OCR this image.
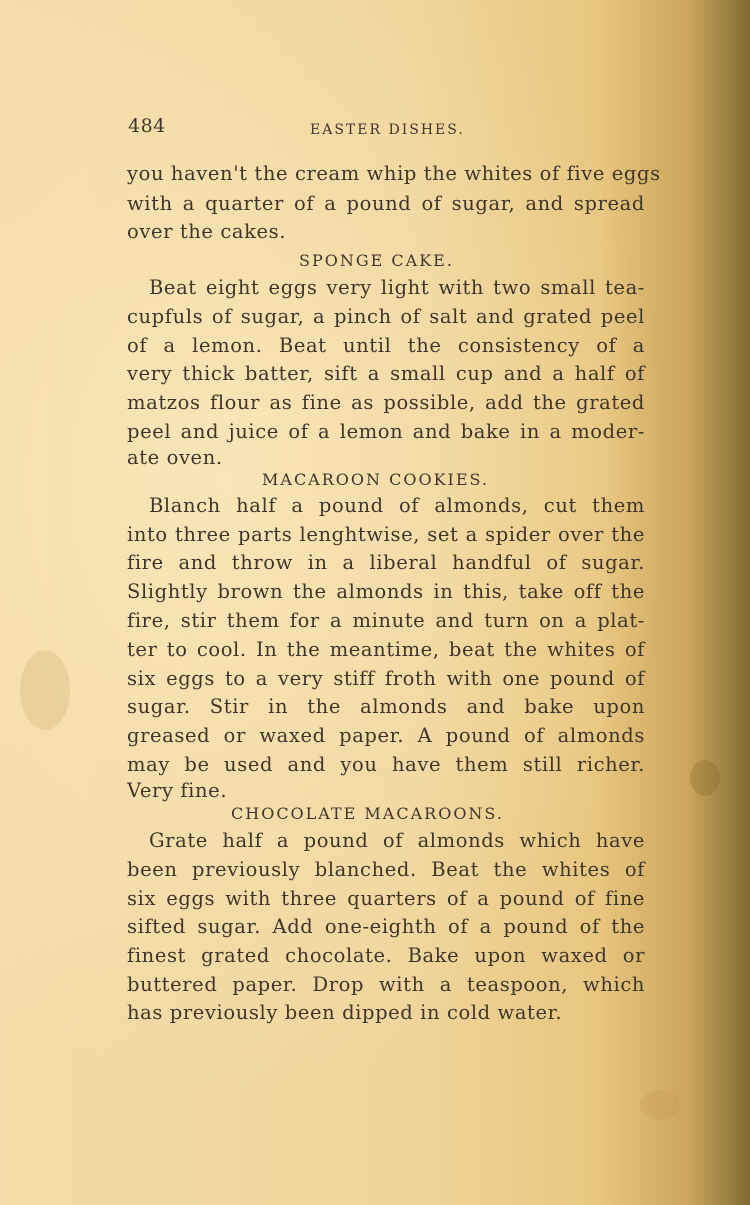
484	EASTER DISHES.
you haven't the cream whip the whites of five eggs
with a quarter of a pound of sugar, and spread
over the cakes.
SPONGE CAKE.
Beat eight eggs very light with two small tea-
cupfuls of sugar, a pinch of salt and grated peel
of a lemon. Beat until the consistency of a
very thick batter, sift a small cup and a half of
matzos flour as fine as possible, add the grated
peel and juice of a lemon and bake in a moder-
ate oven.
MACAROON COOKIES.
Blanch half a pound of almonds, cut them
into three parts lenghtwise, set a spider over the
fire and throw in a liberal handful of sugar.
Slightly brown the almonds in this, take off the
fire, stir them for a minute and turn on a plat-
ter to cool. In the meantime, beat the whites of
six eggs to a very stiff froth with one pound of
sugar. Stir in the almonds and bake upon
greased or waxed paper. A pound of almonds
may be used and you have them still richer.
Very fine.
CHOCOLATE MACAROONS.
Grate half a pound of almonds which have
been previously blanched. Beat the whites of
six eggs with three quarters of a pound of fine
sifted sugar. Add one-eighth of a pound of the
finest grated chocolate. Bake upon waxed or
buttered paper. Drop with a teaspoon, which
has previously been dipped in cold water.
